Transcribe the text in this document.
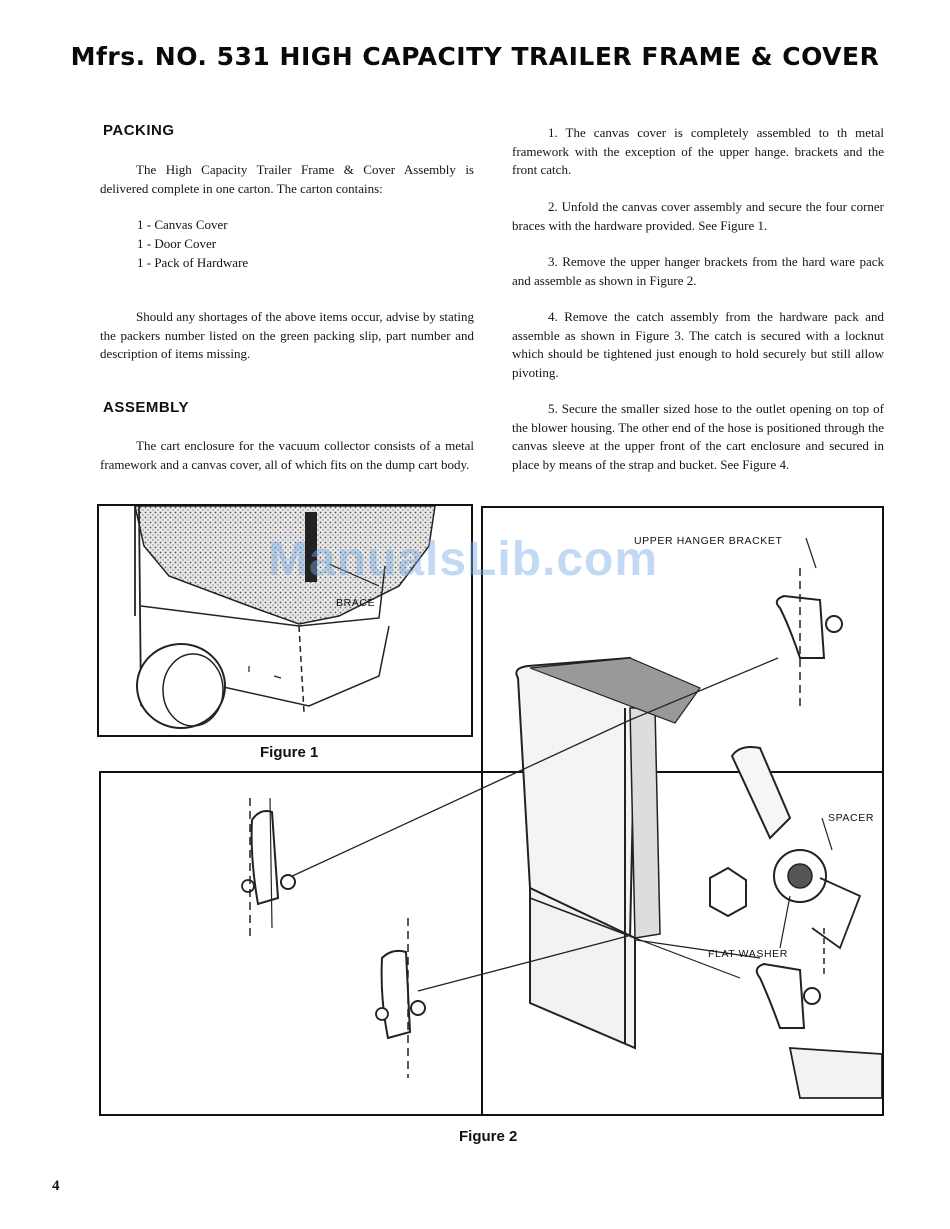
Mfrs. NO. 531 HIGH CAPACITY TRAILER FRAME & COVER
PACKING
The High Capacity Trailer Frame & Cover Assembly is delivered complete in one carton. The carton contains:
1 - Canvas Cover
1 - Door Cover
1 - Pack of Hardware
Should any shortages of the above items occur, advise by stating the packers number listed on the green packing slip, part number and description of items missing.
ASSEMBLY
The cart enclosure for the vacuum collector consists of a metal framework and a canvas cover, all of which fits on the dump cart body.
1. The canvas cover is completely assembled to th metal framework with the exception of the upper hange. brackets and the front catch.
2. Unfold the canvas cover assembly and secure the four corner braces with the hardware provided. See Figure 1.
3. Remove the upper hanger brackets from the hard ware pack and assemble as shown in Figure 2.
4. Remove the catch assembly from the hardware pack and assemble as shown in Figure 3. The catch is secured with a locknut which should be tightened just enough to hold securely but still allow pivoting.
5. Secure the smaller sized hose to the outlet opening on top of the blower housing. The other end of the hose is positioned through the canvas sleeve at the upper front of the cart enclosure and secured in place by means of the strap and bucket. See Figure 4.
Figure 1
BRACE
UPPER HANGER BRACKET
SPACER
FLAT WASHER
Figure 2
ManualsLib.com
4
